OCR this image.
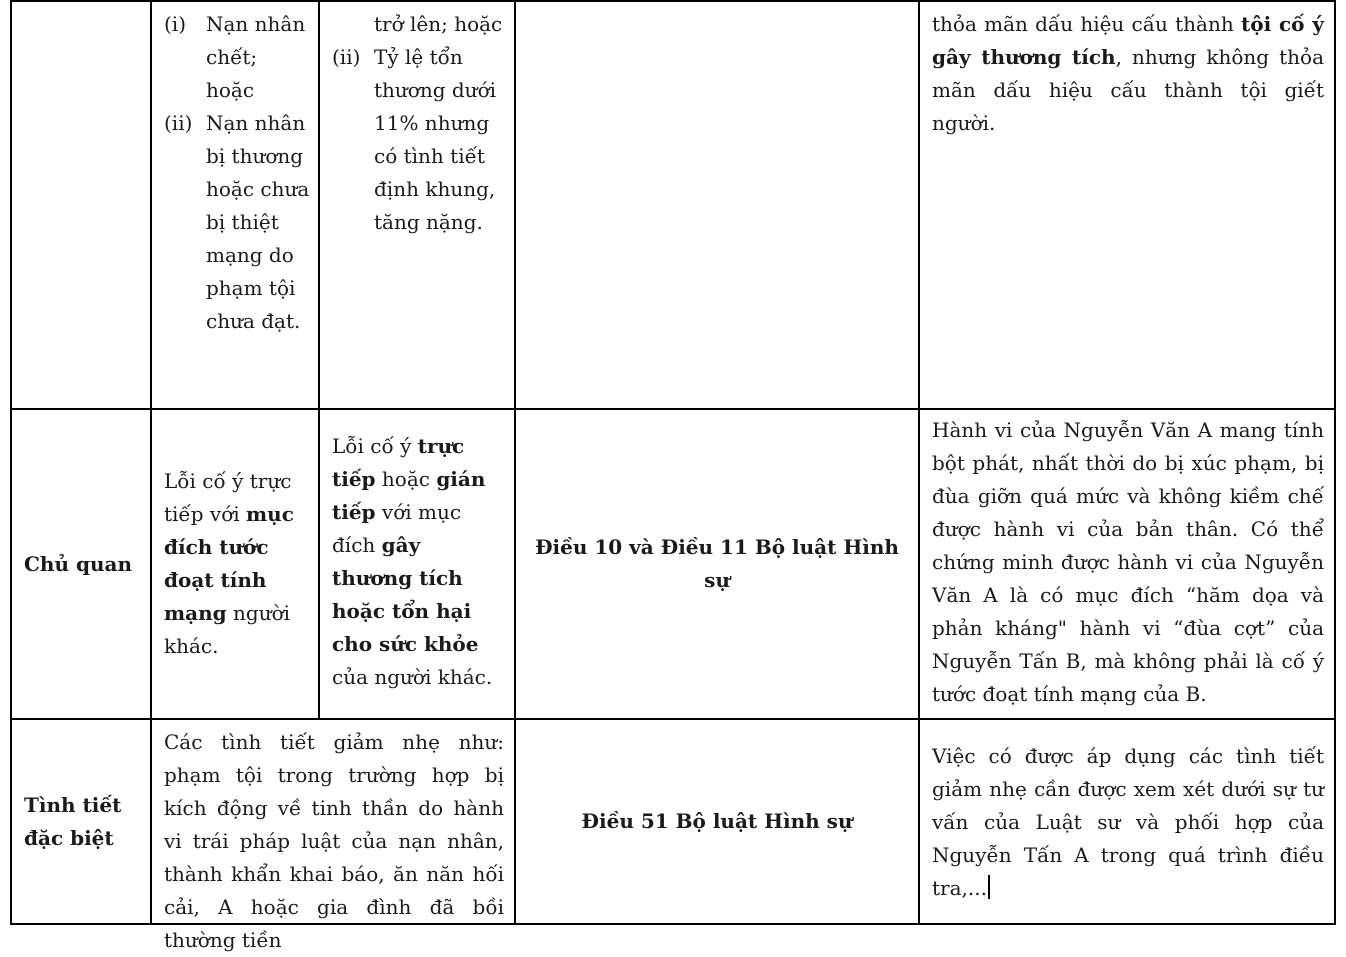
(i) Nạn nhân chết; hoặc
(ii) Nạn nhân bị thương hoặc chưa bị thiệt mạng do phạm tội chưa đạt.
trở lên; hoặc
(ii) Tỷ lệ tổn thương dưới 11% nhưng có tình tiết định khung, tăng nặng.
thỏa mãn dấu hiệu cấu thành tội cố ý gây thương tích, nhưng không thỏa mãn dấu hiệu cấu thành tội giết người.
Chủ quan
Lỗi cố ý trực tiếp với mục đích tước đoạt tính mạng người khác.
Lỗi cố ý trực tiếp hoặc gián tiếp với mục đích gây thương tích hoặc tổn hại cho sức khỏe của người khác.
Điều 10 và Điều 11 Bộ luật Hình sự
Hành vi của Nguyễn Văn A mang tính bột phát, nhất thời do bị xúc phạm, bị đùa giỡn quá mức và không kiềm chế được hành vi của bản thân. Có thể chứng minh được hành vi của Nguyễn Văn A là có mục đích “hăm dọa và phản kháng" hành vi “đùa cợt” của Nguyễn Tấn B, mà không phải là cố ý tước đoạt tính mạng của B.
Tình tiết đặc biệt
Các tình tiết giảm nhẹ như: phạm tội trong trường hợp bị kích động về tinh thần do hành vi trái pháp luật của nạn nhân, thành khẩn khai báo, ăn năn hối cải, A hoặc gia đình đã bồi thường tiền
Điều 51 Bộ luật Hình sự
Việc có được áp dụng các tình tiết giảm nhẹ cần được xem xét dưới sự tư vấn của Luật sư và phối hợp của Nguyễn Tấn A trong quá trình điều tra,...
